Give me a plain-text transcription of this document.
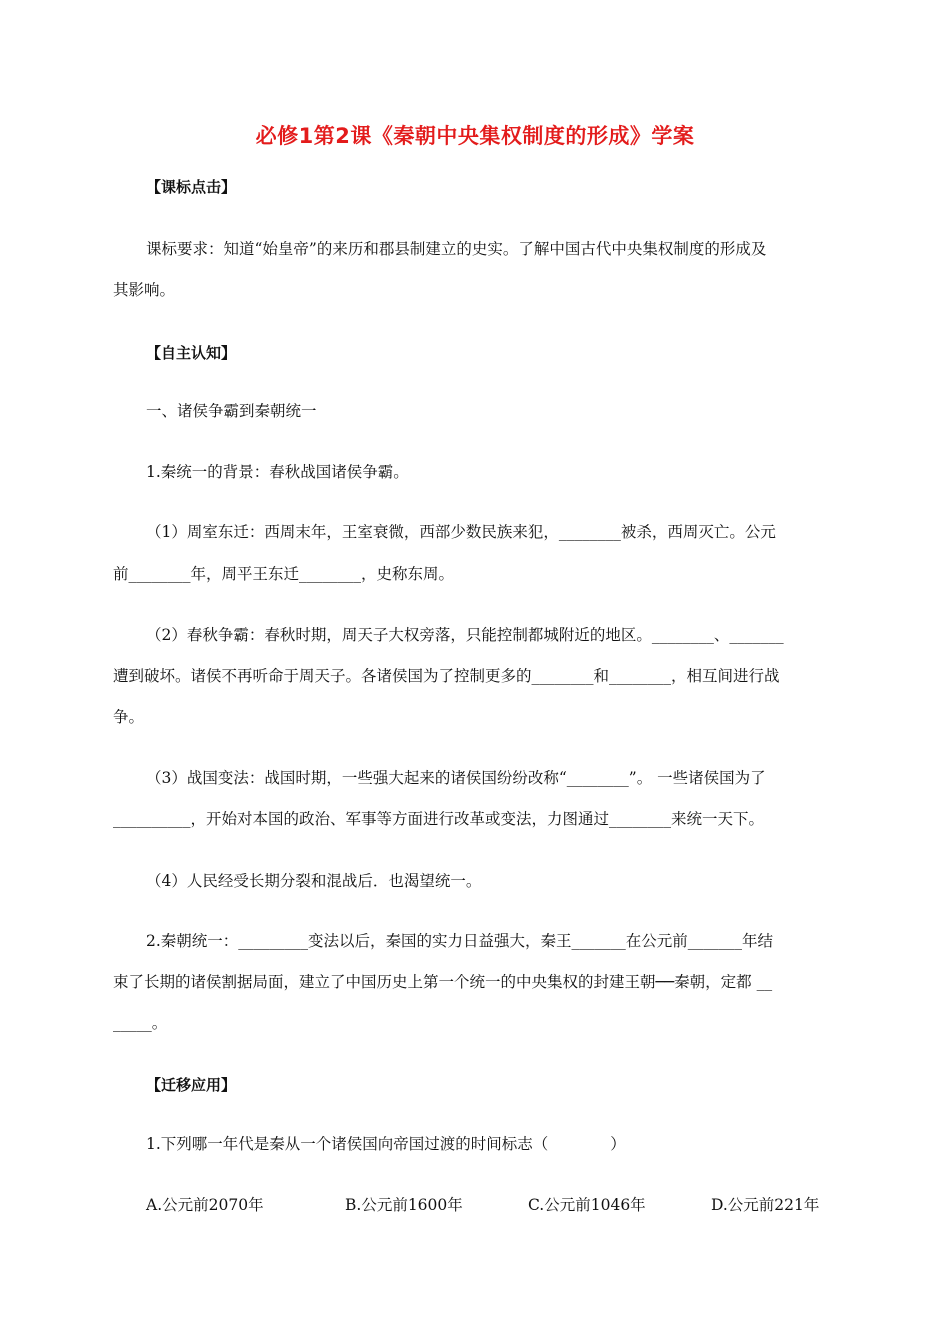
必修1第2课《秦朝中央集权制度的形成》学案
【课标点击】
课标要求：知道“始皇帝”的来历和郡县制建立的史实。了解中国古代中央集权制度的形成及
其影响。
【自主认知】
一、诸侯争霸到秦朝统一
1.秦统一的背景：春秋战国诸侯争霸。
（1）周室东迁：西周末年，王室衰微，西部少数民族来犯，________被杀，西周灭亡。公元
前________年，周平王东迁________，史称东周。
（2）春秋争霸：春秋时期，周天子大权旁落，只能控制都城附近的地区。________、_______
遭到破坏。诸侯不再听命于周天子。各诸侯国为了控制更多的________和________，相互间进行战
争。
（3）战国变法：战国时期，一些强大起来的诸侯国纷纷改称“________”。 一些诸侯国为了
__________，开始对本国的政治、军事等方面进行改革或变法，力图通过________来统一天下。
（4）人民经受长期分裂和混战后．也渴望统一。
2.秦朝统一：_________变法以后，秦国的实力日益强大，秦王_______在公元前_______年结
束了长期的诸侯割据局面，建立了中国历史上第一个统一的中央集权的封建王朝──秦朝，定都 __
_____。
【迁移应用】
1.下列哪一年代是秦从一个诸侯国向帝国过渡的时间标志（　　　　）
A.公元前2070年	B.公元前1600年	C.公元前1046年	D.公元前221年
